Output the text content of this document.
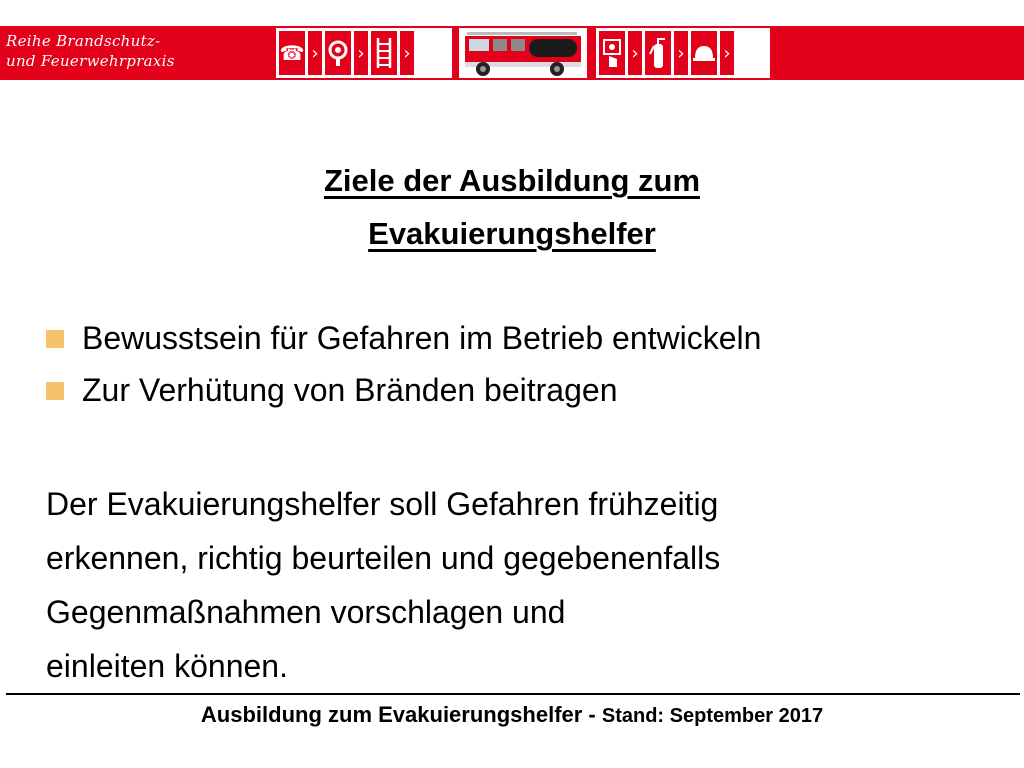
Reihe Brandschutz-
und Feuerwehrpraxis	☎ › › ›	› › ›
Ziele der Ausbildung zum
Evakuierungshelfer
Bewusstsein für Gefahren im Betrieb entwickeln
Zur Verhütung von Bränden beitragen
Der Evakuierungshelfer soll Gefahren frühzeitig
erkennen, richtig beurteilen und gegebenenfalls
Gegenmaßnahmen vorschlagen und
einleiten können.
Ausbildung zum Evakuierungshelfer - Stand: September 2017
